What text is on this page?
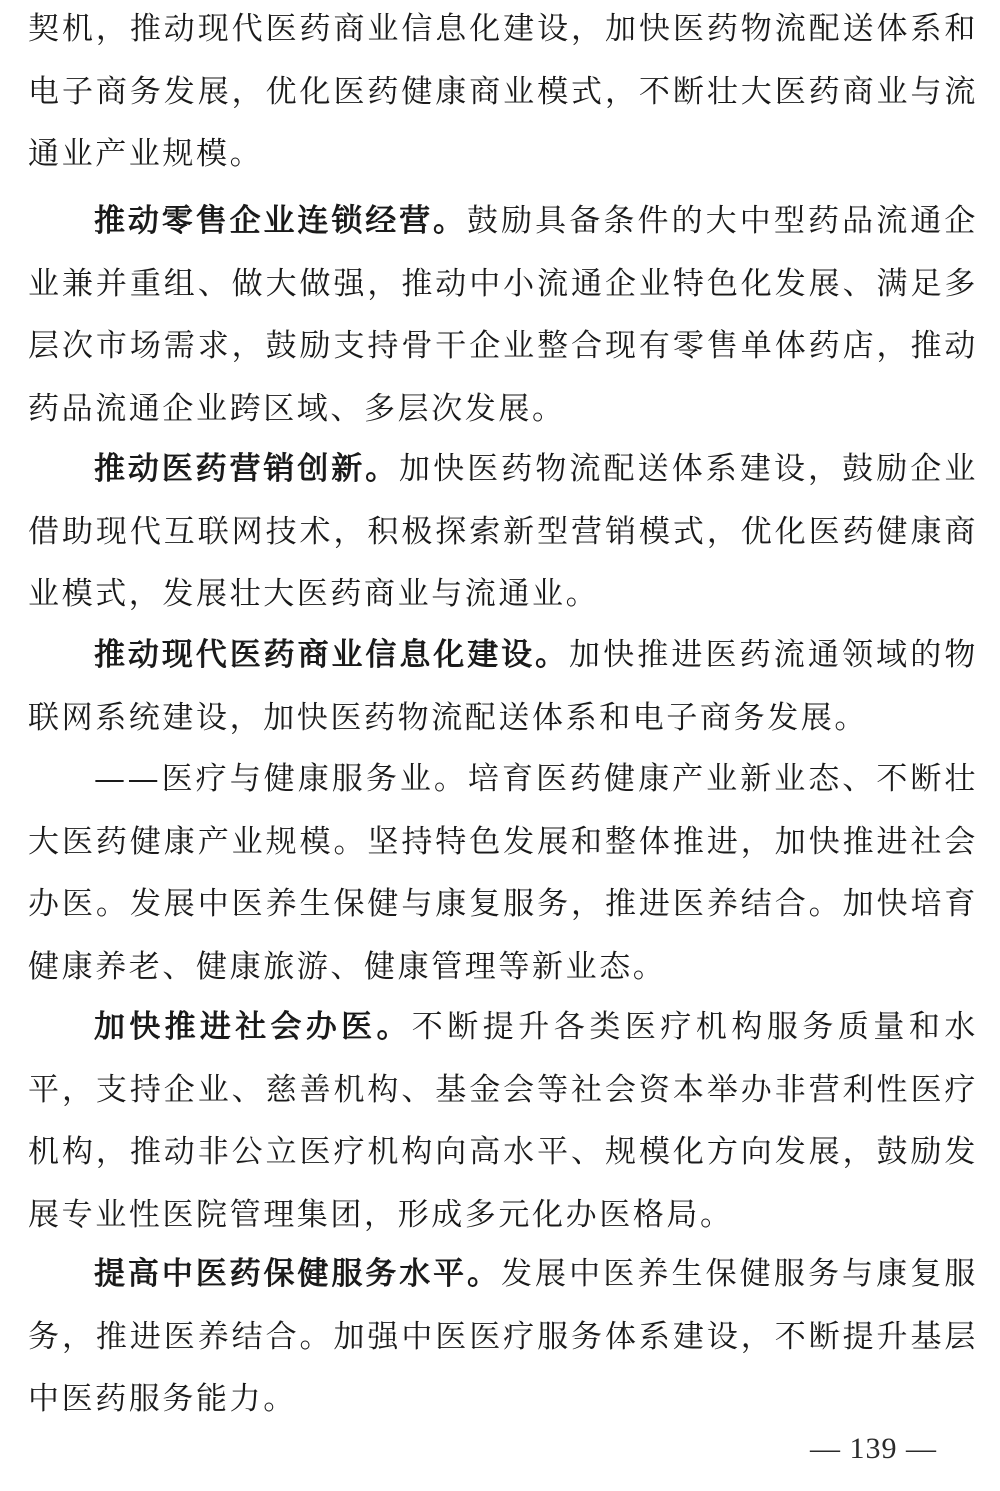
契机，推动现代医药商业信息化建设，加快医药物流配送体系和电子商务发展，优化医药健康商业模式，不断壮大医药商业与流通业产业规模。

推动零售企业连锁经营。鼓励具备条件的大中型药品流通企业兼并重组、做大做强，推动中小流通企业特色化发展、满足多层次市场需求，鼓励支持骨干企业整合现有零售单体药店，推动药品流通企业跨区域、多层次发展。

推动医药营销创新。加快医药物流配送体系建设，鼓励企业借助现代互联网技术，积极探索新型营销模式，优化医药健康商业模式，发展壮大医药商业与流通业。

推动现代医药商业信息化建设。加快推进医药流通领域的物联网系统建设，加快医药物流配送体系和电子商务发展。

——医疗与健康服务业。培育医药健康产业新业态、不断壮大医药健康产业规模。坚持特色发展和整体推进，加快推进社会办医。发展中医养生保健与康复服务，推进医养结合。加快培育健康养老、健康旅游、健康管理等新业态。

加快推进社会办医。不断提升各类医疗机构服务质量和水平，支持企业、慈善机构、基金会等社会资本举办非营利性医疗机构，推动非公立医疗机构向高水平、规模化方向发展，鼓励发展专业性医院管理集团，形成多元化办医格局。

提高中医药保健服务水平。发展中医养生保健服务与康复服务，推进医养结合。加强中医医疗服务体系建设，不断提升基层中医药服务能力。

— 139 —
